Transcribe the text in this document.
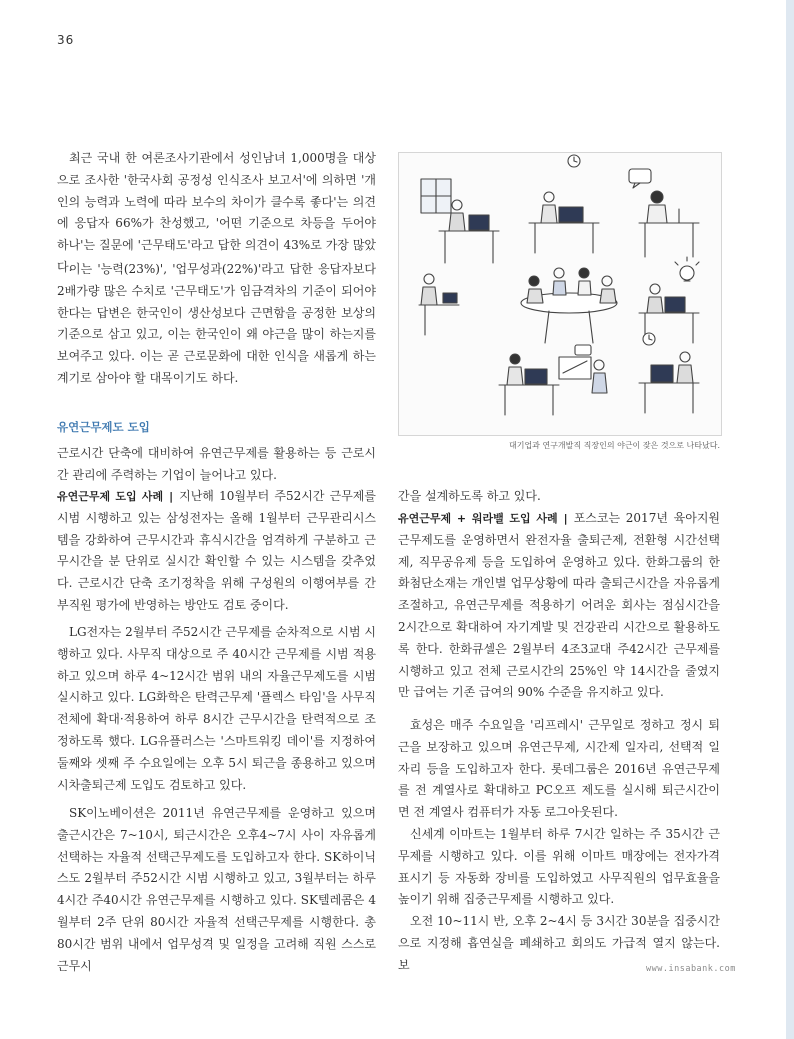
36

최근 국내 한 여론조사기관에서 성인남녀 1,000명을 대상으로 조사한 '한국사회 공정성 인식조사 보고서'에 의하면 '개인의 능력과 노력에 따라 보수의 차이가 클수록 좋다'는 의견에 응답자 66%가 찬성했고, '어떤 기준으로 차등을 두어야 하나'는 질문에 '근무태도'라고 답한 의견이 43%로 가장 많았다.

이는 '능력(23%)', '업무성과(22%)'라고 답한 응답자보다 2배가량 많은 수치로 '근무태도'가 임금격차의 기준이 되어야 한다는 답변은 한국인이 생산성보다 근면함을 공정한 보상의 기준으로 삼고 있고, 이는 한국인이 왜 야근을 많이 하는지를 보여주고 있다. 이는 곧 근로문화에 대한 인식을 새롭게 하는 계기로 삼아야 할 대목이기도 하다.

유연근무제도 도입

근로시간 단축에 대비하여 유연근무제를 활용하는 등 근로시간 관리에 주력하는 기업이 늘어나고 있다.

유연근무제 도입 사례 | 지난해 10월부터 주52시간 근무제를 시범 시행하고 있는 삼성전자는 올해 1월부터 근무관리시스템을 강화하여 근무시간과 휴식시간을 엄격하게 구분하고 근무시간을 분 단위로 실시간 확인할 수 있는 시스템을 갖추었다. 근로시간 단축 조기정착을 위해 구성원의 이행여부를 간부직원 평가에 반영하는 방안도 검토 중이다.

LG전자는 2월부터 주52시간 근무제를 순차적으로 시범 시행하고 있다. 사무직 대상으로 주 40시간 근무제를 시범 적용하고 있으며 하루 4~12시간 범위 내의 자율근무제도를 시범 실시하고 있다. LG화학은 탄력근무제 '플렉스 타임'을 사무직 전체에 확대·적용하여 하루 8시간 근무시간을 탄력적으로 조정하도록 했다. LG유플러스는 '스마트워킹 데이'를 지정하여 둘째와 셋째 주 수요일에는 오후 5시 퇴근을 종용하고 있으며 시차출퇴근제 도입도 검토하고 있다.

SK이노베이션은 2011년 유연근무제를 운영하고 있으며 출근시간은 7~10시, 퇴근시간은 오후4~7시 사이 자유롭게 선택하는 자율적 선택근무제도를 도입하고자 한다. SK하이닉스도 2월부터 주52시간 시범 시행하고 있고, 3월부터는 하루 4시간 주40시간 유연근무제를 시행하고 있다. SK텔레콤은 4월부터 2주 단위 80시간 자율적 선택근무제를 시행한다. 총 80시간 범위 내에서 업무성격 및 일정을 고려해 직원 스스로 근무시

대기업과 연구개발직 직장인의 야근이 잦은 것으로 나타났다.

간을 설계하도록 하고 있다.

유연근무제 + 워라밸 도입 사례 | 포스코는 2017년 육아지원근무제도를 운영하면서 완전자율 출퇴근제, 전환형 시간선택제, 직무공유제 등을 도입하여 운영하고 있다. 한화그룹의 한화첨단소재는 개인별 업무상황에 따라 출퇴근시간을 자유롭게 조절하고, 유연근무제를 적용하기 어려운 회사는 점심시간을 2시간으로 확대하여 자기계발 및 건강관리 시간으로 활용하도록 한다. 한화큐셀은 2월부터 4조3교대 주42시간 근무제를 시행하고 있고 전체 근로시간의 25%인 약 14시간을 줄였지만 급여는 기존 급여의 90% 수준을 유지하고 있다.

효성은 매주 수요일을 '리프레시' 근무일로 정하고 정시 퇴근을 보장하고 있으며 유연근무제, 시간제 일자리, 선택적 일자리 등을 도입하고자 한다. 롯데그룹은 2016년 유연근무제를 전 계열사로 확대하고 PC오프 제도를 실시해 퇴근시간이면 전 계열사 컴퓨터가 자동 로그아웃된다.

신세계 이마트는 1월부터 하루 7시간 일하는 주 35시간 근무제를 시행하고 있다. 이를 위해 이마트 매장에는 전자가격 표시기 등 자동화 장비를 도입하였고 사무직원의 업무효율을 높이기 위해 집중근무제를 시행하고 있다.

오전 10~11시 반, 오후 2~4시 등 3시간 30분을 집중시간으로 지정해 흡연실을 폐쇄하고 회의도 가급적 열지 않는다. 보	www.insabank.com
